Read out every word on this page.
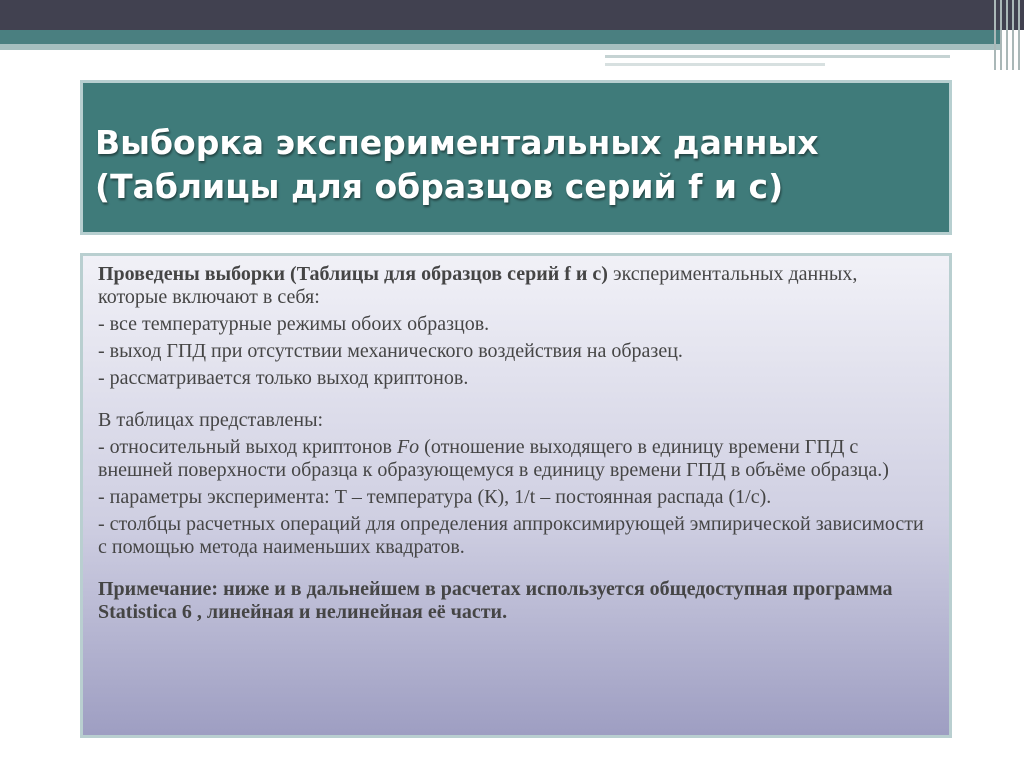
Выборка экспериментальных данных
(Таблицы для образцов серий f и c)

Проведены выборки (Таблицы для образцов серий f и c) экспериментальных данных, которые включают в себя:

- все температурные режимы обоих образцов.

- выход ГПД при отсутствии механического воздействия на образец.

- рассматривается только выход криптонов.

В таблицах представлены:

- относительный выход криптонов Fo (отношение выходящего в единицу времени ГПД с внешней поверхности образца к образующемуся в единицу времени ГПД в объёме образца.)

- параметры эксперимента: Т – температура (К), 1/t – постоянная распада (1/с).

- столбцы расчетных операций для определения аппроксимирующей эмпирической зависимости с помощью метода наименьших квадратов.

Примечание: ниже и в дальнейшем в расчетах используется общедоступная программа Statistica 6 , линейная и нелинейная её части.
